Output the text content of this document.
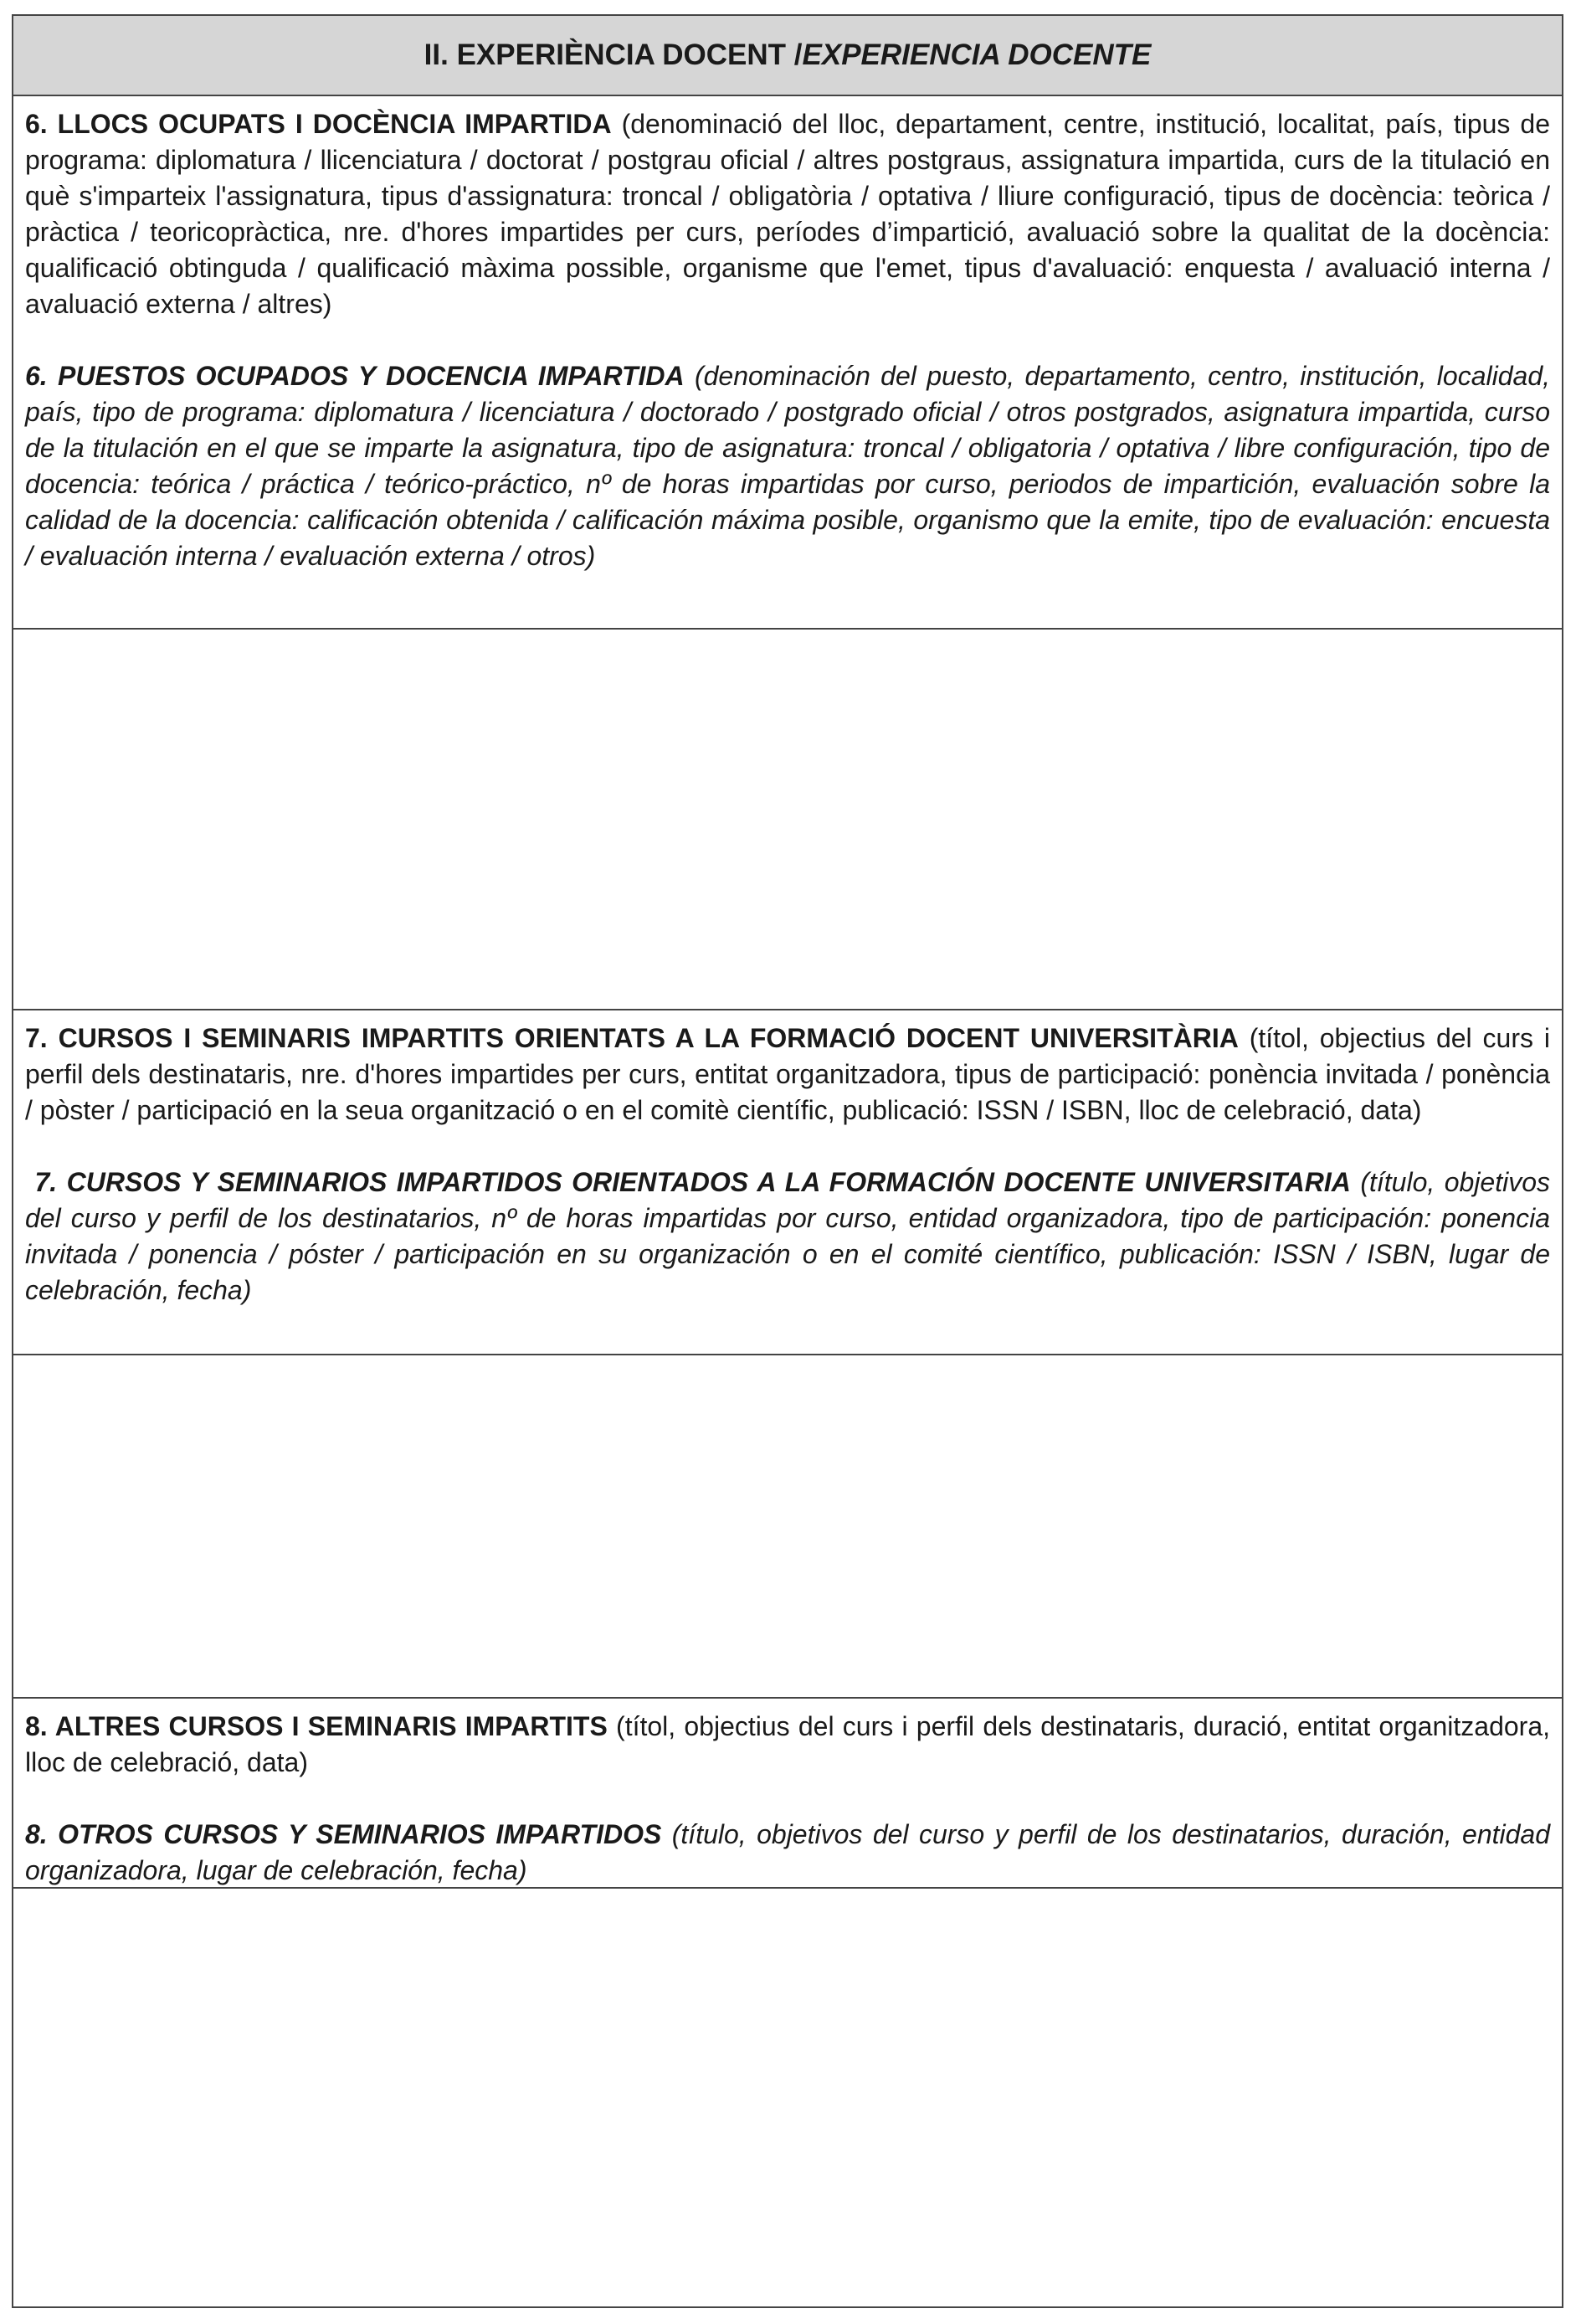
II. EXPERIÈNCIA DOCENT / EXPERIENCIA DOCENTE

6. LLOCS OCUPATS I DOCÈNCIA IMPARTIDA (denominació del lloc, departament, centre, institució, localitat, país, tipus de programa: diplomatura / llicenciatura / doctorat / postgrau oficial / altres postgraus, assignatura impartida, curs de la titulació en què s'imparteix l'assignatura, tipus d'assignatura: troncal / obligatòria / optativa / lliure configuració, tipus de docència: teòrica / pràctica / teoricopràctica, nre. d'hores impartides per curs, períodes d’impartició, avaluació sobre la qualitat de la docència: qualificació obtinguda / qualificació màxima possible, organisme que l'emet, tipus d'avaluació: enquesta / avaluació interna / avaluació externa / altres)

6. PUESTOS OCUPADOS Y DOCENCIA IMPARTIDA (denominación del puesto, departamento, centro, institución, localidad, país, tipo de programa: diplomatura / licenciatura / doctorado / postgrado oficial / otros postgrados, asignatura impartida, curso de la titulación en el que se imparte la asignatura, tipo de asignatura: troncal / obligatoria / optativa / libre configuración, tipo de docencia: teórica / práctica / teórico-práctico, nº de horas impartidas por curso, periodos de impartición, evaluación sobre la calidad de la docencia: calificación obtenida / calificación máxima posible, organismo que la emite, tipo de evaluación: encuesta / evaluación interna / evaluación externa / otros)

7. CURSOS I SEMINARIS IMPARTITS ORIENTATS A LA FORMACIÓ DOCENT UNIVERSITÀRIA (títol, objectius del curs i perfil dels destinataris, nre. d'hores impartides per curs, entitat organitzadora, tipus de participació: ponència invitada / ponència / pòster / participació en la seua organització o en el comitè científic, publicació: ISSN / ISBN, lloc de celebració, data)

7. CURSOS Y SEMINARIOS IMPARTIDOS ORIENTADOS A LA FORMACIÓN DOCENTE UNIVERSITARIA (título, objetivos del curso y perfil de los destinatarios, nº de horas impartidas por curso, entidad organizadora, tipo de participación: ponencia invitada / ponencia / póster / participación en su organización o en el comité científico, publicación: ISSN / ISBN, lugar de celebración, fecha)

8. ALTRES CURSOS I SEMINARIS IMPARTITS (títol, objectius del curs i perfil dels destinataris, duració, entitat organitzadora, lloc de celebració, data)

8. OTROS CURSOS Y SEMINARIOS IMPARTIDOS (título, objetivos del curso y perfil de los destinatarios, duración, entidad organizadora, lugar de celebración, fecha)
